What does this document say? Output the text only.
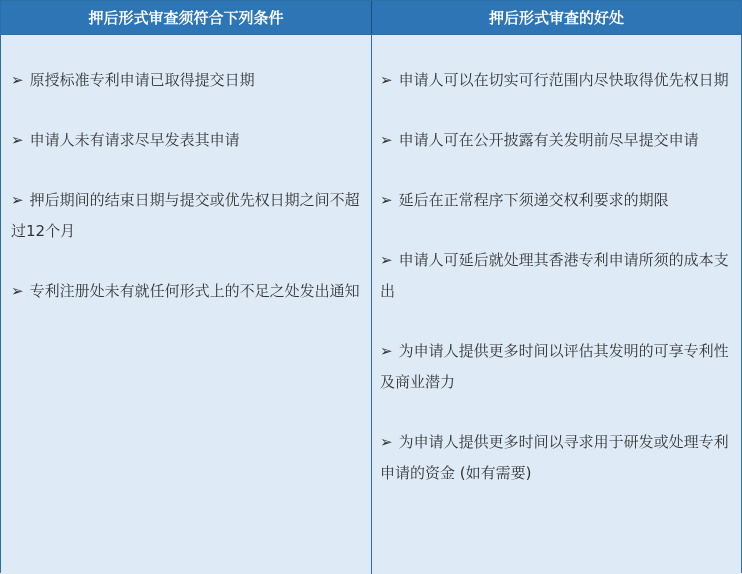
押后形式审查须符合下列条件	押后形式审查的好处
➢ 原授标准专利申请已取得提交日期
➢ 申请人未有请求尽早发表其申请
➢ 押后期间的结束日期与提交或优先权日期之间不超过12个月
➢ 专利注册处未有就任何形式上的不足之处发出通知
➢ 申请人可以在切实可行范围内尽快取得优先权日期
➢ 申请人可在公开披露有关发明前尽早提交申请
➢ 延后在正常程序下须递交权利要求的期限
➢ 申请人可延后就处理其香港专利申请所须的成本支出
➢ 为申请人提供更多时间以评估其发明的可享专利性及商业潜力
➢ 为申请人提供更多时间以寻求用于研发或处理专利申请的资金 (如有需要)
